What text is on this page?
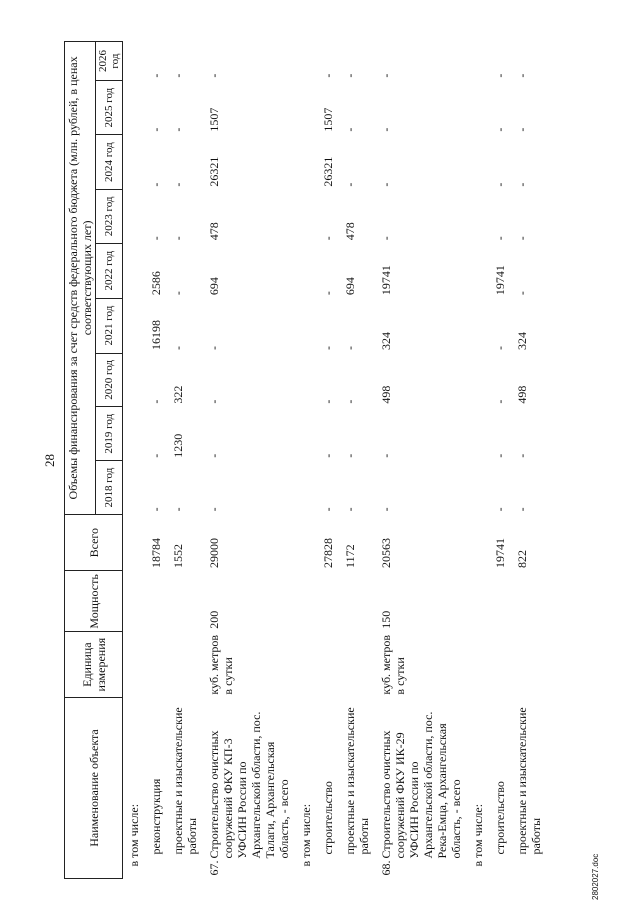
28
2802027.doc
Наименование объекта	Единица измерения	Мощность	Всего	Объемы финансирования за счет средств федерального бюджета (млн. рублей, в ценах соответствующих лет)								
				2018 год	2019 год	2020 год	2021 год	2022 год	2023 год	2024 год	2025 год	2026 год
в том числе:												
реконструкция			18784	-	-	-	16198	2586	-	-	-	-
проектные и изыскательские работы			1552	-	1230	322	-	-	-	-	-	-

67.
Строительство очистных сооружений ФКУ КП-3 УФСИН России по Архангельской области, пос. Талаги, Архангельская область, - всего	куб. метров в сутки	200	29000	-	-	-	-	694	478	26321	1507	-
в том числе:												
строительство			27828	-	-	-	-	-	-	26321	1507	-
проектные и изыскательские работы			1172	-	-	-	-	694	478	-	-	-

68.
Строительство очистных сооружений ФКУ ИК-29 УФСИН России по Архангельской области, пос. Река-Емца, Архангельская область, - всего	куб. метров в сутки	150	20563	-	-	498	324	19741	-	-	-	-
в том числе:												
строительство			19741	-	-	-	-	19741	-	-	-	-
проектные и изыскательские работы			822	-	-	498	324	-	-	-	-	-
